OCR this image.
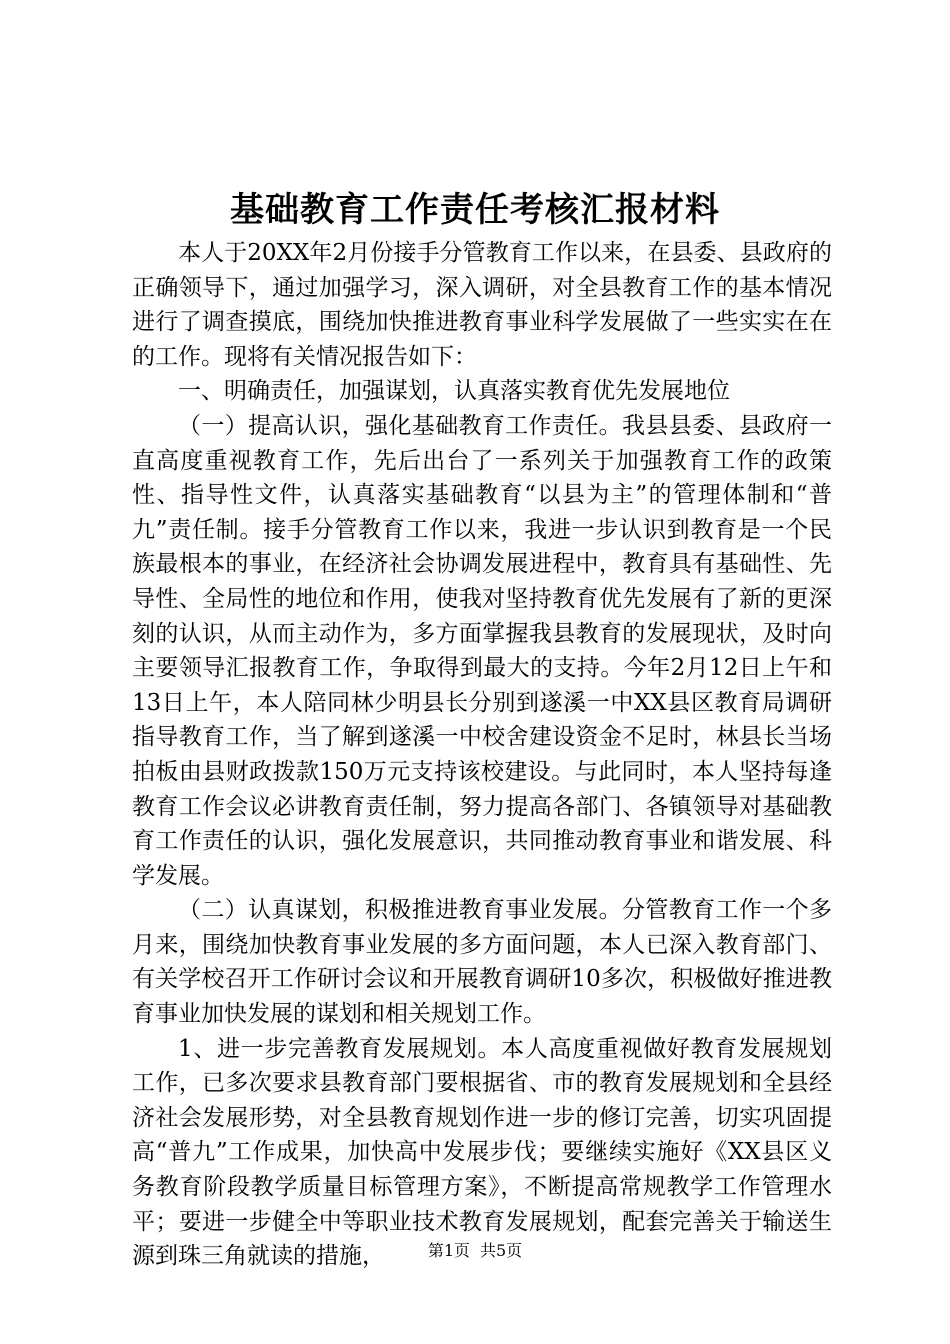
基础教育工作责任考核汇报材料

本人于20XX年2月份接手分管教育工作以来，在县委、县政府的正确领导下，通过加强学习，深入调研，对全县教育工作的基本情况进行了调查摸底，围绕加快推进教育事业科学发展做了一些实实在在的工作。现将有关情况报告如下：

一、明确责任，加强谋划，认真落实教育优先发展地位

（一）提高认识，强化基础教育工作责任。我县县委、县政府一直高度重视教育工作，先后出台了一系列关于加强教育工作的政策性、指导性文件，认真落实基础教育“以县为主”的管理体制和“普九”责任制。接手分管教育工作以来，我进一步认识到教育是一个民族最根本的事业，在经济社会协调发展进程中，教育具有基础性、先导性、全局性的地位和作用，使我对坚持教育优先发展有了新的更深刻的认识，从而主动作为，多方面掌握我县教育的发展现状，及时向主要领导汇报教育工作，争取得到最大的支持。今年2月12日上午和13日上午，本人陪同林少明县长分别到遂溪一中XX县区教育局调研指导教育工作，当了解到遂溪一中校舍建设资金不足时，林县长当场拍板由县财政拨款150万元支持该校建设。与此同时，本人坚持每逢教育工作会议必讲教育责任制，努力提高各部门、各镇领导对基础教育工作责任的认识，强化发展意识，共同推动教育事业和谐发展、科学发展。

（二）认真谋划，积极推进教育事业发展。分管教育工作一个多月来，围绕加快教育事业发展的多方面问题，本人已深入教育部门、有关学校召开工作研讨会议和开展教育调研10多次，积极做好推进教育事业加快发展的谋划和相关规划工作。

1、进一步完善教育发展规划。本人高度重视做好教育发展规划工作，已多次要求县教育部门要根据省、市的教育发展规划和全县经济社会发展形势，对全县教育规划作进一步的修订完善，切实巩固提高“普九”工作成果，加快高中发展步伐；要继续实施好《XX县区义务教育阶段教学质量目标管理方案》，不断提高常规教学工作管理水平；要进一步健全中等职业技术教育发展规划，配套完善关于输送生源到珠三角就读的措施，	第1页 共5页
